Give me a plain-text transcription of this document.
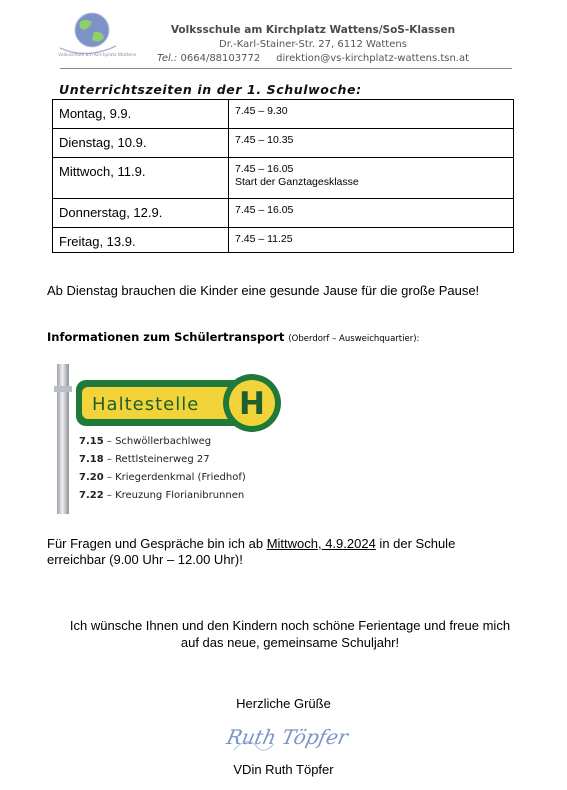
Volksschule am Kirchplatz Wattens
Volksschule am Kirchplatz Wattens/SoS-Klassen
Dr.-Karl-Stainer-Str. 27, 6112 Wattens
Tel.: 0664/88103772 direktion@vs-kirchplatz-wattens.tsn.at
Unterrichtszeiten in der 1. Schulwoche:
Montag, 9.9.	7.45 – 9.30
Dienstag, 10.9.	7.45 – 10.35
Mittwoch, 11.9.	7.45 – 16.05
Start der Ganztagesklasse

Donnerstag, 12.9.	7.45 – 16.05
Freitag, 13.9.	7.45 – 11.25
Ab Dienstag brauchen die Kinder eine gesunde Jause für die große Pause!
Informationen zum Schülertransport (Oberdorf – Ausweichquartier):
Haltestelle H
7.15 – Schwöllerbachlweg
7.18 – Rettlsteinerweg 27
7.20 – Kriegerdenkmal (Friedhof)
7.22 – Kreuzung Florianibrunnen
Für Fragen und Gespräche bin ich ab Mittwoch, 4.9.2024 in der Schule erreichbar (9.00 Uhr – 12.00 Uhr)!
Ich wünsche Ihnen und den Kindern noch schöne Ferientage und freue mich auf das neue, gemeinsame Schuljahr!
Herzliche Grüße
Ruth Töpfer
VDin Ruth Töpfer
